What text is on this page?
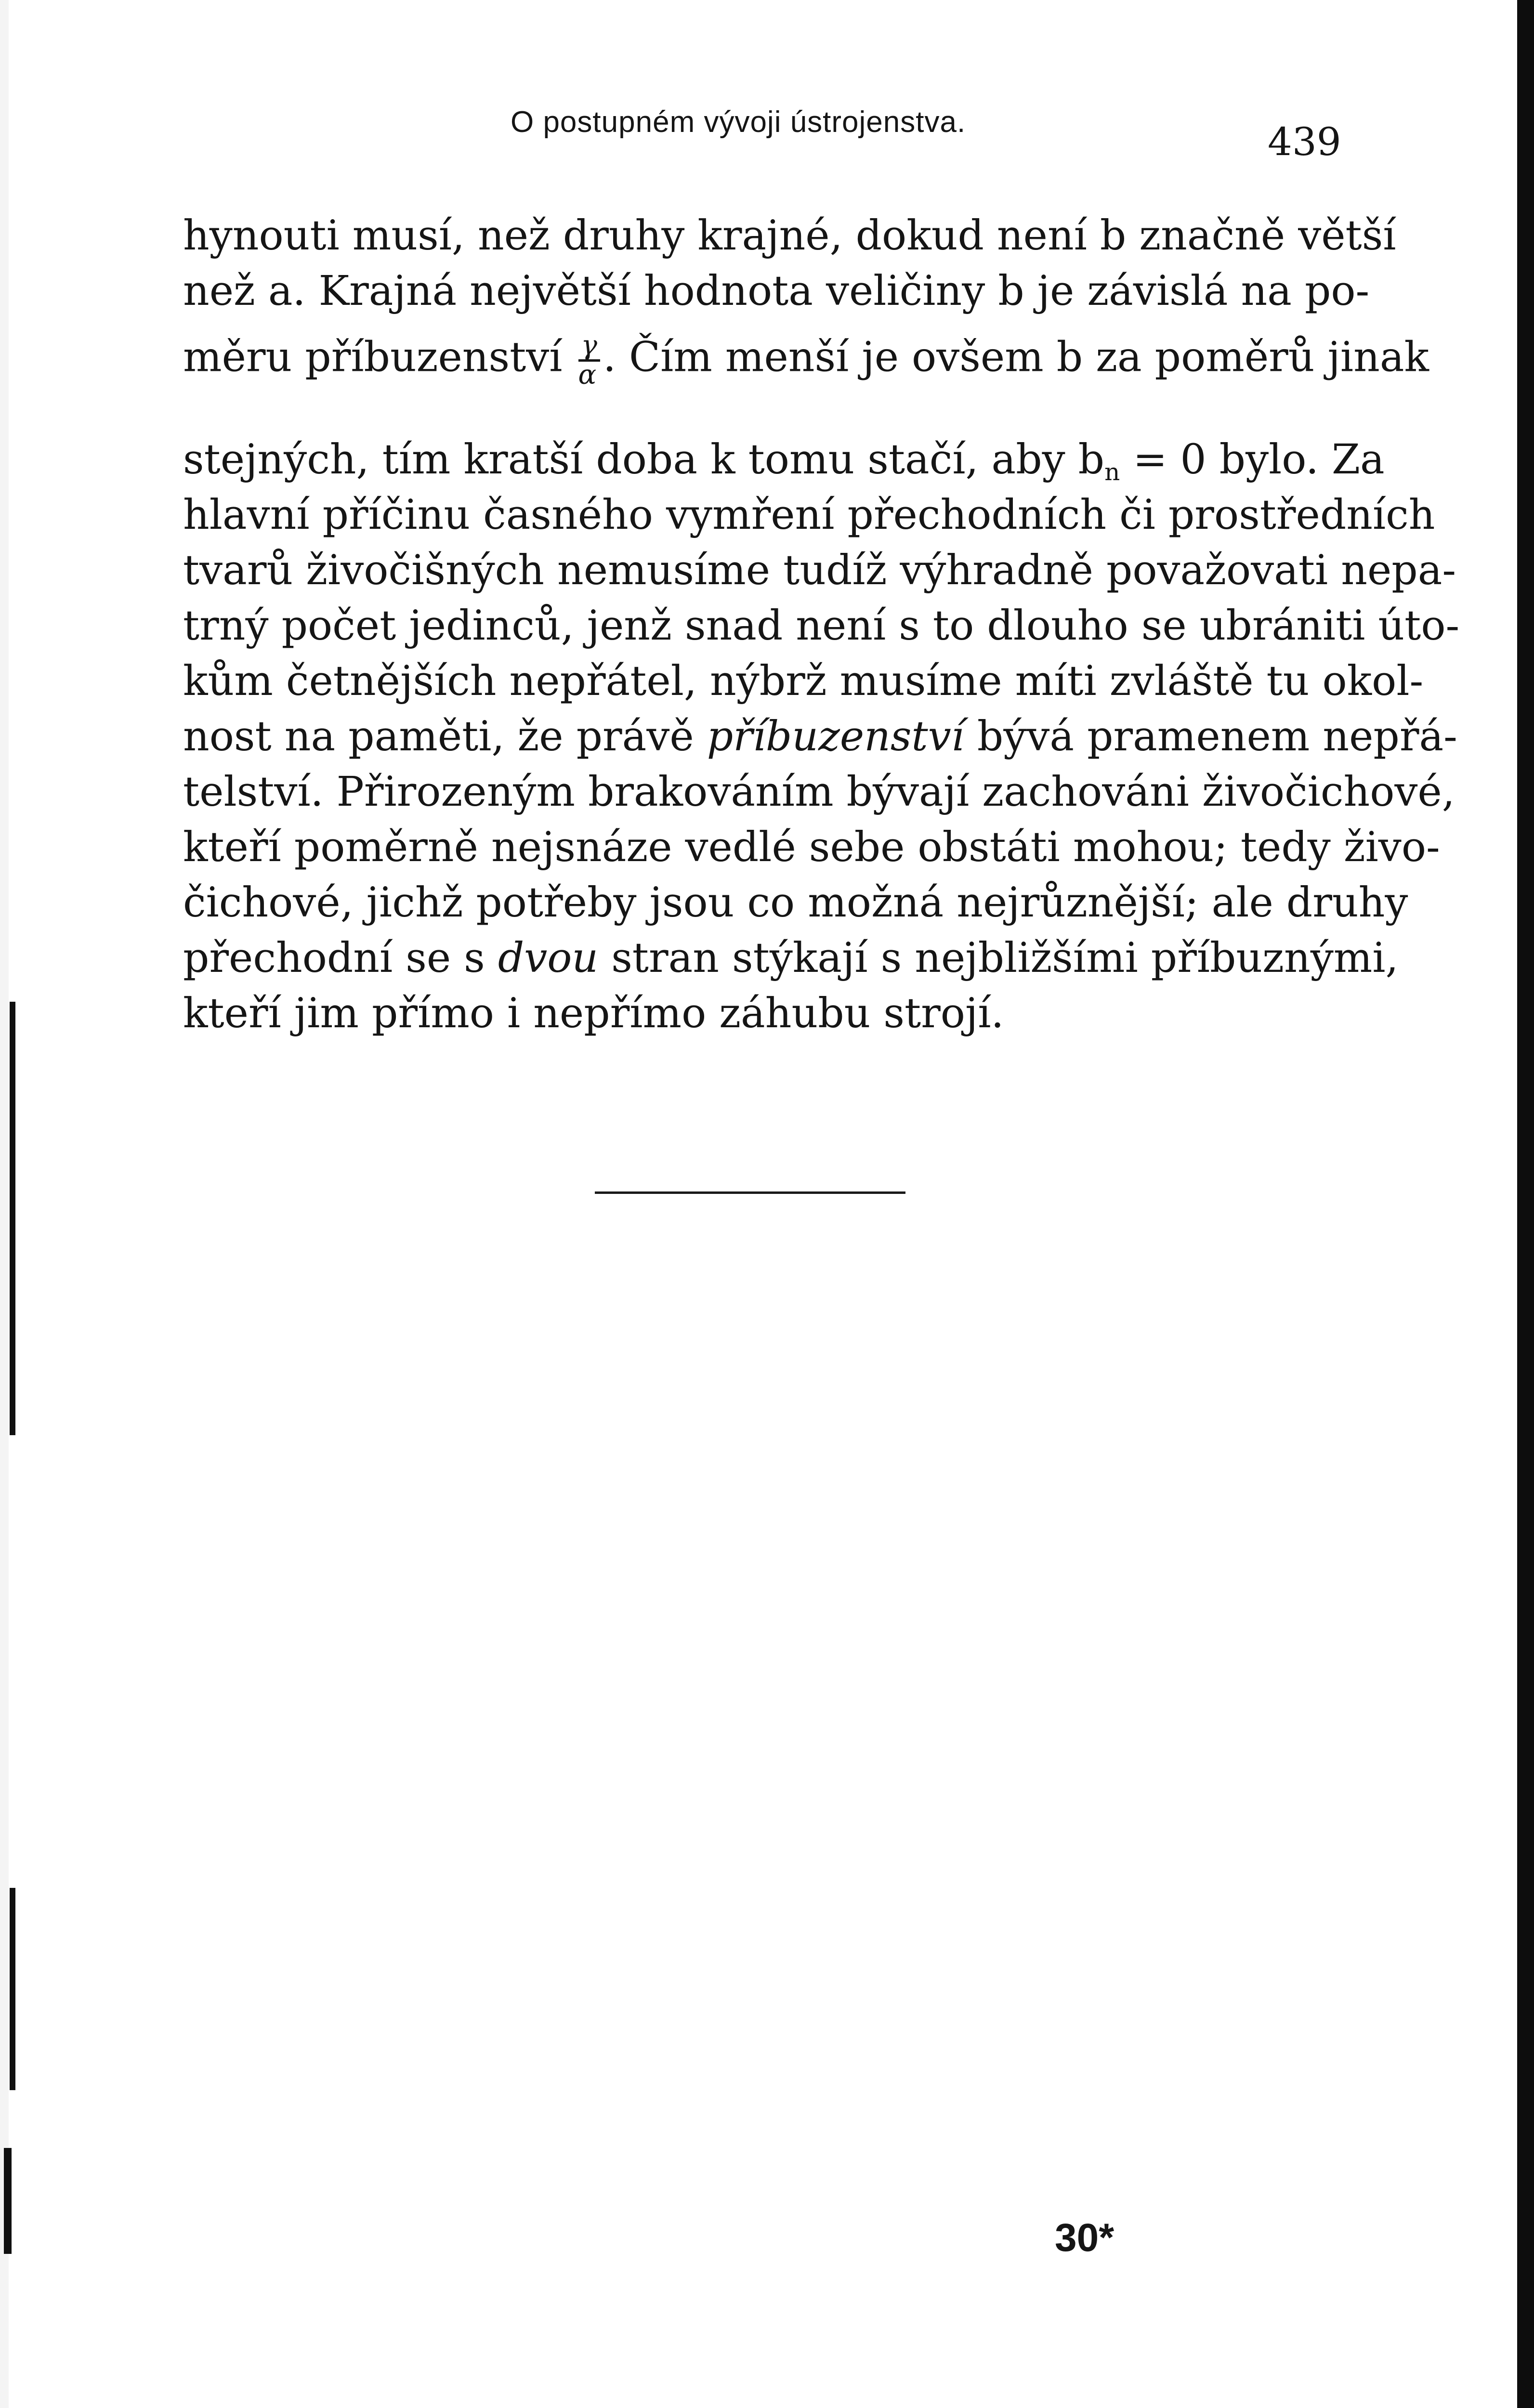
O postupném vývoji ústrojenstva.	439
hynouti musí, než druhy krajné, dokud není b značně větší
než a. Krajná největší hodnota veličiny b je závislá na po-
měru příbuzenství $\frac{\gamma}{\alpha}$ . Čím menší je ovšem b za poměrů jinak
stejných, tím kratší doba k tomu stačí, aby $b_n = 0$ bylo. Za
hlavní příčinu časného vymření přechodních či prostředních
tvarů živočišných nemusíme tudíž výhradně považovati nepa-
trný počet jedinců, jenž snad není s to dlouho se ubrániti úto-
kům četnějších nepřátel, nýbrž musíme míti zvláště tu okol-
nost na paměti, že právě příbuzenství bývá pramenem nepřá-
telství. Přirozeným brakováním bývají zachováni živočichové,
kteří poměrně nejsnáze vedlé sebe obstáti mohou; tedy živo-
čichové, jichž potřeby jsou co možná nejrůznější; ale druhy
přechodní se s dvou stran stýkají s nejbližšími příbuznými,
kteří jim přímo i nepřímo záhubu strojí.
30*
